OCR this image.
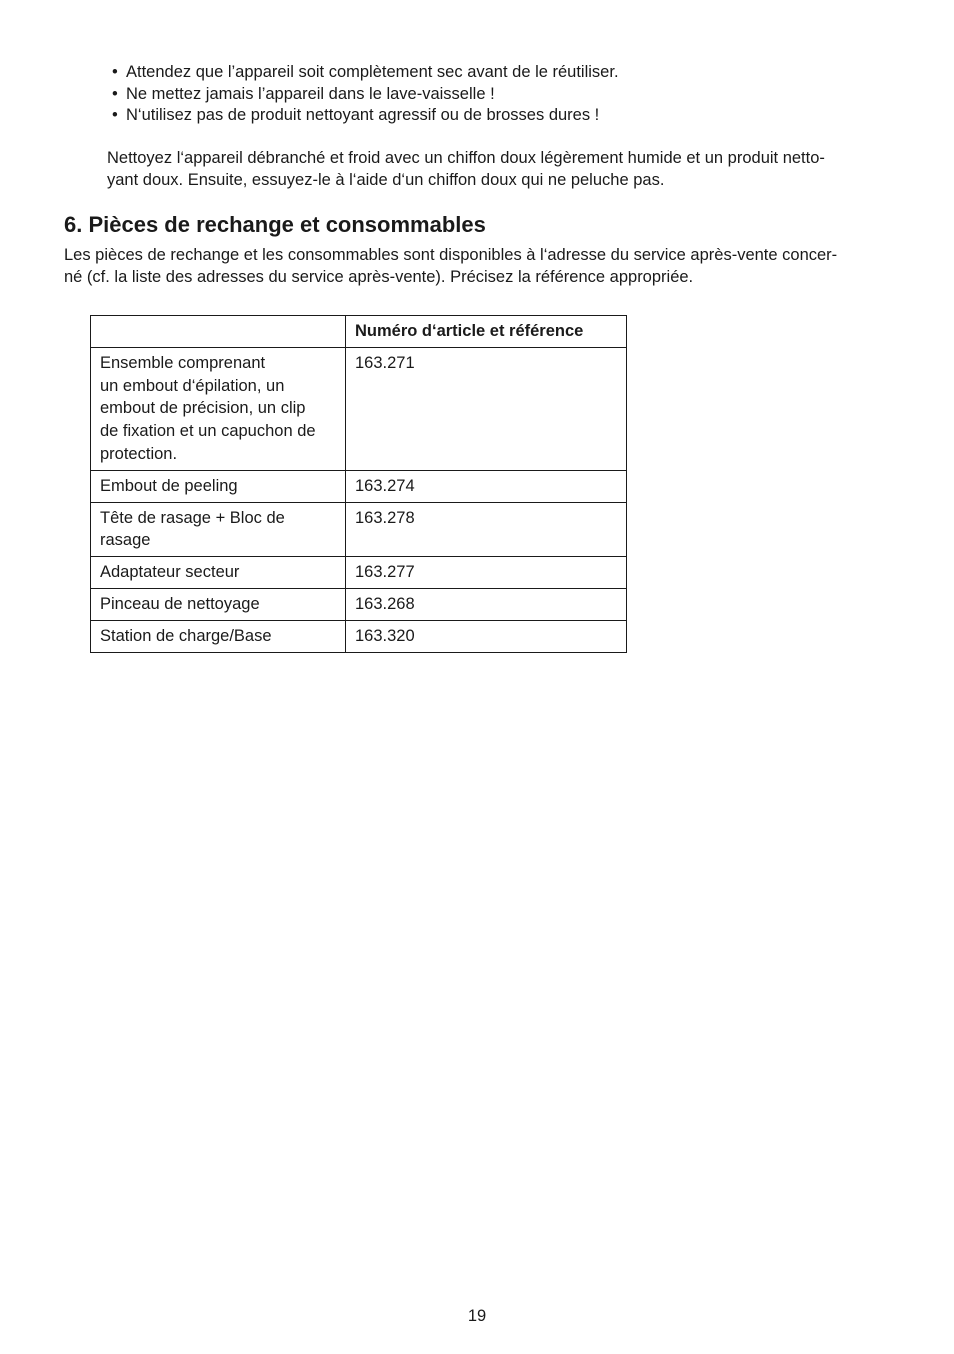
• Attendez que l’appareil soit complètement sec avant de le réutiliser.
• Ne mettez jamais l’appareil dans le lave-vaisselle !
• N‘utilisez pas de produit nettoyant agressif ou de brosses dures !

Nettoyez l‘appareil débranché et froid avec un chiffon doux légèrement humide et un produit netto-
yant doux. Ensuite, essuyez-le à l‘aide d‘un chiffon doux qui ne peluche pas.

6. Pièces de rechange et consommables

Les pièces de rechange et les consommables sont disponibles à l‘adresse du service après-vente concer-
né (cf. la liste des adresses du service après-vente). Précisez la référence appropriée.

	Numéro d‘article et référence
Ensemble comprenant
un embout d‘épilation, un
embout de précision, un clip
de fixation et un capuchon de
protection.	163.271
Embout de peeling	163.274
Tête de rasage + Bloc de
rasage	163.278
Adaptateur secteur	163.277
Pinceau de nettoyage	163.268
Station de charge/Base	163.320
19
